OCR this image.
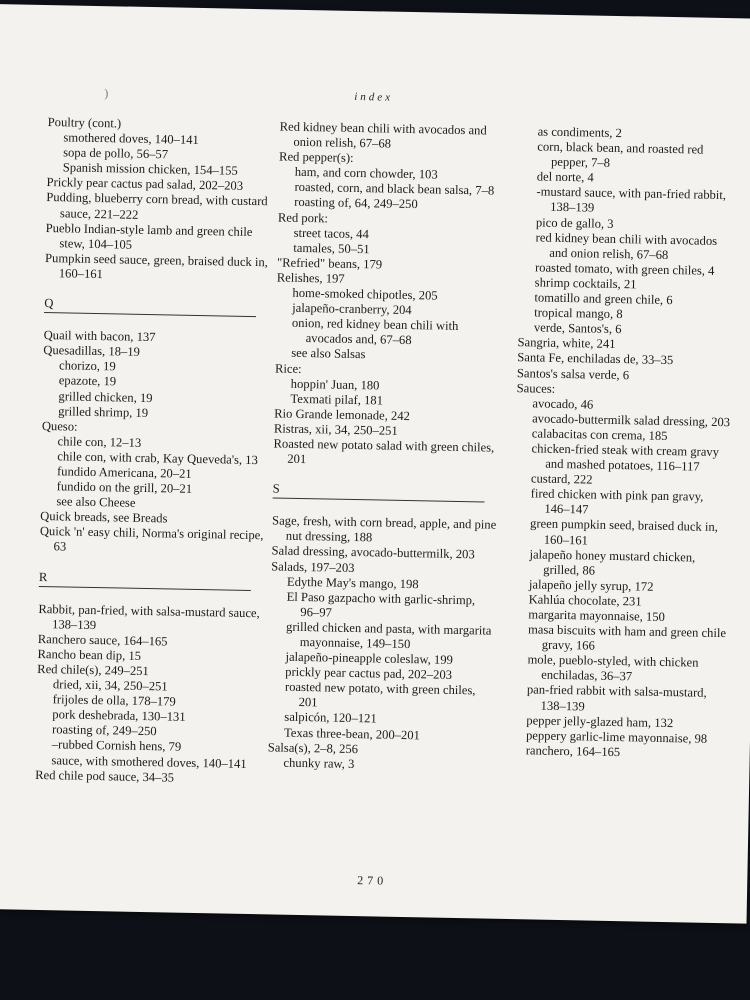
)	index
Poultry (cont.)
smothered doves, 140–141
sopa de pollo, 56–57
Spanish mission chicken, 154–155
Prickly pear cactus pad salad, 202–203
Pudding, blueberry corn bread, with custard sauce, 221–222
Pueblo Indian-style lamb and green chile stew, 104–105
Pumpkin seed sauce, green, braised duck in, 160–161
Q
Quail with bacon, 137
Quesadillas, 18–19
chorizo, 19
epazote, 19
grilled chicken, 19
grilled shrimp, 19
Queso:
chile con, 12–13
chile con, with crab, Kay Queveda's, 13
fundido Americana, 20–21
fundido on the grill, 20–21
see also Cheese
Quick breads, see Breads
Quick 'n' easy chili, Norma's original recipe, 63
R
Rabbit, pan-fried, with salsa-mustard sauce, 138–139
Ranchero sauce, 164–165
Rancho bean dip, 15
Red chile(s), 249–251
dried, xii, 34, 250–251
frijoles de olla, 178–179
pork deshebrada, 130–131
roasting of, 249–250
–rubbed Cornish hens, 79
sauce, with smothered doves, 140–141
Red chile pod sauce, 34–35
Red kidney bean chili with avocados and onion relish, 67–68
Red pepper(s):
ham, and corn chowder, 103
roasted, corn, and black bean salsa, 7–8
roasting of, 64, 249–250
Red pork:
street tacos, 44
tamales, 50–51
"Refried" beans, 179
Relishes, 197
home-smoked chipotles, 205
jalapeño-cranberry, 204
onion, red kidney bean chili with avocados and, 67–68
see also Salsas
Rice:
hoppin' Juan, 180
Texmati pilaf, 181
Rio Grande lemonade, 242
Ristras, xii, 34, 250–251
Roasted new potato salad with green chiles, 201
S
Sage, fresh, with corn bread, apple, and pine nut dressing, 188
Salad dressing, avocado-buttermilk, 203
Salads, 197–203
Edythe May's mango, 198
El Paso gazpacho with garlic-shrimp, 96–97
grilled chicken and pasta, with margarita mayonnaise, 149–150
jalapeño-pineapple coleslaw, 199
prickly pear cactus pad, 202–203
roasted new potato, with green chiles, 201
salpicón, 120–121
Texas three-bean, 200–201
Salsa(s), 2–8, 256
chunky raw, 3
as condiments, 2
corn, black bean, and roasted red pepper, 7–8
del norte, 4
-mustard sauce, with pan-fried rabbit, 138–139
pico de gallo, 3
red kidney bean chili with avocados and onion relish, 67–68
roasted tomato, with green chiles, 4
shrimp cocktails, 21
tomatillo and green chile, 6
tropical mango, 8
verde, Santos's, 6
Sangria, white, 241
Santa Fe, enchiladas de, 33–35
Santos's salsa verde, 6
Sauces:
avocado, 46
avocado-buttermilk salad dressing, 203
calabacitas con crema, 185
chicken-fried steak with cream gravy and mashed potatoes, 116–117
custard, 222
fired chicken with pink pan gravy, 146–147
green pumpkin seed, braised duck in, 160–161
jalapeño honey mustard chicken, grilled, 86
jalapeño jelly syrup, 172
Kahlúa chocolate, 231
margarita mayonnaise, 150
masa biscuits with ham and green chile gravy, 166
mole, pueblo-styled, with chicken enchiladas, 36–37
pan-fried rabbit with salsa-mustard, 138–139
pepper jelly-glazed ham, 132
peppery garlic-lime mayonnaise, 98
ranchero, 164–165
270
